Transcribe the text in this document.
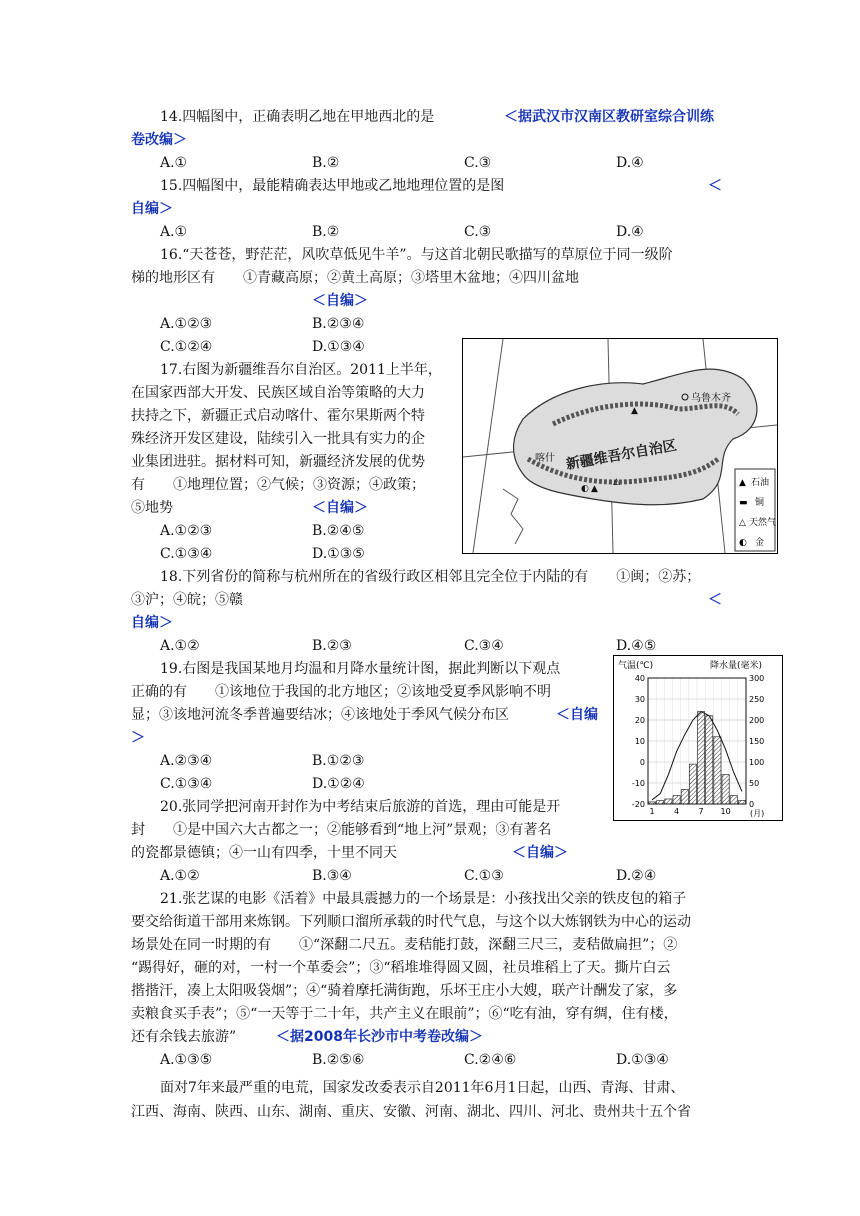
14.四幅图中，正确表明乙地在甲地西北的是	＜据武汉市汉南区教研室综合训练
卷改编＞
A.①	B.②	C.③	D.④
15.四幅图中，最能精确表达甲地或乙地地理位置的是图	＜
自编＞
A.①	B.②	C.③	D.④
16.“天苍苍，野茫茫，风吹草低见牛羊”。与这首北朝民歌描写的草原位于同一级阶
梯的地形区有　　①青藏高原；②黄土高原；③塔里木盆地；④四川盆地
＜自编＞
A.①②③	B.②③④
C.①②④	D.①③④
17.右图为新疆维吾尔自治区。2011上半年，
在国家西部大开发、民族区域自治等策略的大力
扶持之下，新疆正式启动喀什、霍尔果斯两个特
殊经济开发区建设，陆续引入一批具有实力的企
业集团进驻。据材料可知，新疆经济发展的优势
有　　①地理位置；②气候；③资源；④政策；
⑤地势	＜自编＞
A.①②③	B.②④⑤
C.①③④	D.①③⑤
乌鲁木齐
喀什 新疆维吾尔自治区
▲
◐ ▲
△	▲ 石油
▬ 铜
△ 天然气
◐ 金
18.下列省份的简称与杭州所在的省级行政区相邻且完全位于内陆的有　　①闽；②苏；
③沪；④皖；⑤赣	＜
自编＞
A.①②	B.②③	C.③④	D.④⑤
19.右图是我国某地月均温和月降水量统计图，据此判断以下观点
正确的有　　①该地位于我国的北方地区；②该地受夏季风影响不明
显；③该地河流冬季普遍要结冰；④该地处于季风气候分布区	＜自编
＞
A.②③④	B.①②③
C.①③④	D.①②④
气温(℃)	降水量(毫米)
40
30
20
10
0
-10
-20
300
250
200
150
100
50
0
1 4 7 10 (月)
20.张同学把河南开封作为中考结束后旅游的首选，理由可能是开
封　　①是中国六大古都之一；②能够看到“地上河”景观；③有著名
的瓷都景德镇；④一山有四季，十里不同天	＜自编＞
A.①②	B.③④	C.①③	D.②④
21.张艺谋的电影《活着》中最具震撼力的一个场景是：小孩找出父亲的铁皮包的箱子
要交给街道干部用来炼钢。下列顺口溜所承载的时代气息，与这个以大炼钢铁为中心的运动
场景处在同一时期的有　　①“深翻二尺五。麦秸能打鼓，深翻三尺三，麦秸做扁担”；②
“踢得好，砸的对，一村一个革委会”；③“稻堆堆得圆又圆，社员堆稻上了天。撕片白云
揩揩汗，凑上太阳吸袋烟”；④“骑着摩托满街跑，乐坏王庄小大嫂，联产计酬发了家，多
卖粮食买手表”；⑤“一天等于二十年，共产主义在眼前”；⑥“吃有油，穿有绸，住有楼，
还有余钱去旅游”	＜据2008年长沙市中考卷改编＞
A.①③⑤	B.②⑤⑥	C.②④⑥	D.①③④
面对7年来最严重的电荒，国家发改委表示自2011年6月1日起，山西、青海、甘肃、
江西、海南、陕西、山东、湖南、重庆、安徽、河南、湖北、四川、河北、贵州共十五个省
